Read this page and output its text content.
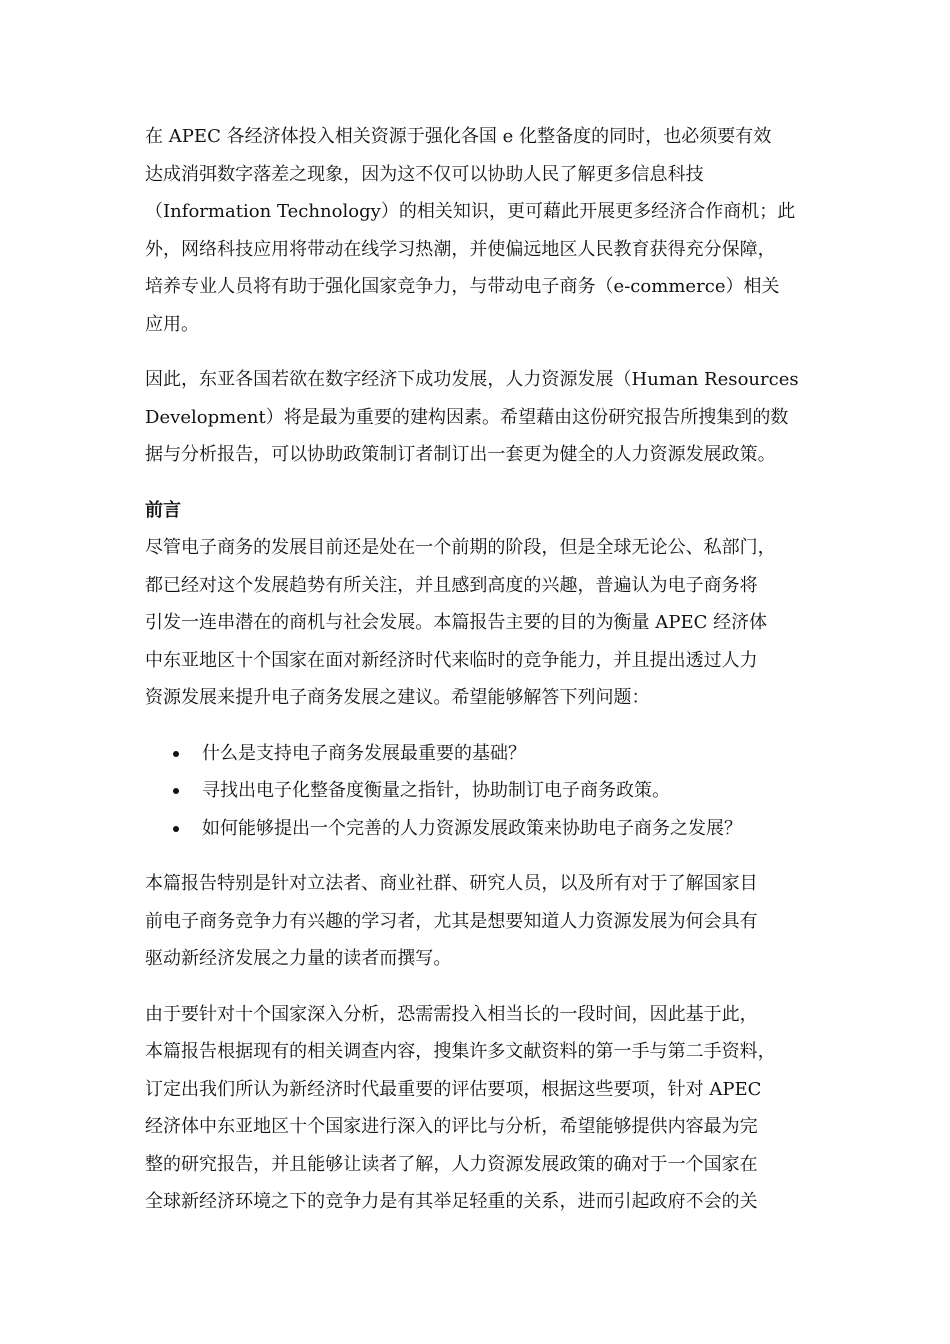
在 APEC 各经济体投入相关资源于强化各国 e 化整备度的同时，也必须要有效
达成消弭数字落差之现象，因为这不仅可以协助人民了解更多信息科技
（Information Technology）的相关知识，更可藉此开展更多经济合作商机；此
外，网络科技应用将带动在线学习热潮，并使偏远地区人民教育获得充分保障，
培养专业人员将有助于强化国家竞争力，与带动电子商务（e-commerce）相关
应用。
因此，东亚各国若欲在数字经济下成功发展，人力资源发展（Human Resources
Development）将是最为重要的建构因素。希望藉由这份研究报告所搜集到的数
据与分析报告，可以协助政策制订者制订出一套更为健全的人力资源发展政策。
前言
尽管电子商务的发展目前还是处在一个前期的阶段，但是全球无论公、私部门，
都已经对这个发展趋势有所关注，并且感到高度的兴趣，普遍认为电子商务将
引发一连串潜在的商机与社会发展。本篇报告主要的目的为衡量 APEC 经济体
中东亚地区十个国家在面对新经济时代来临时的竞争能力，并且提出透过人力
资源发展来提升电子商务发展之建议。希望能够解答下列问题：
什么是支持电子商务发展最重要的基础？
寻找出电子化整备度衡量之指针，协助制订电子商务政策。
如何能够提出一个完善的人力资源发展政策来协助电子商务之发展？
本篇报告特别是针对立法者、商业社群、研究人员，以及所有对于了解国家目
前电子商务竞争力有兴趣的学习者，尤其是想要知道人力资源发展为何会具有
驱动新经济发展之力量的读者而撰写。
由于要针对十个国家深入分析，恐需需投入相当长的一段时间，因此基于此，
本篇报告根据现有的相关调查内容，搜集许多文献资料的第一手与第二手资料，
订定出我们所认为新经济时代最重要的评估要项，根据这些要项，针对 APEC
经济体中东亚地区十个国家进行深入的评比与分析，希望能够提供内容最为完
整的研究报告，并且能够让读者了解，人力资源发展政策的确对于一个国家在
全球新经济环境之下的竞争力是有其举足轻重的关系，进而引起政府不会的关
